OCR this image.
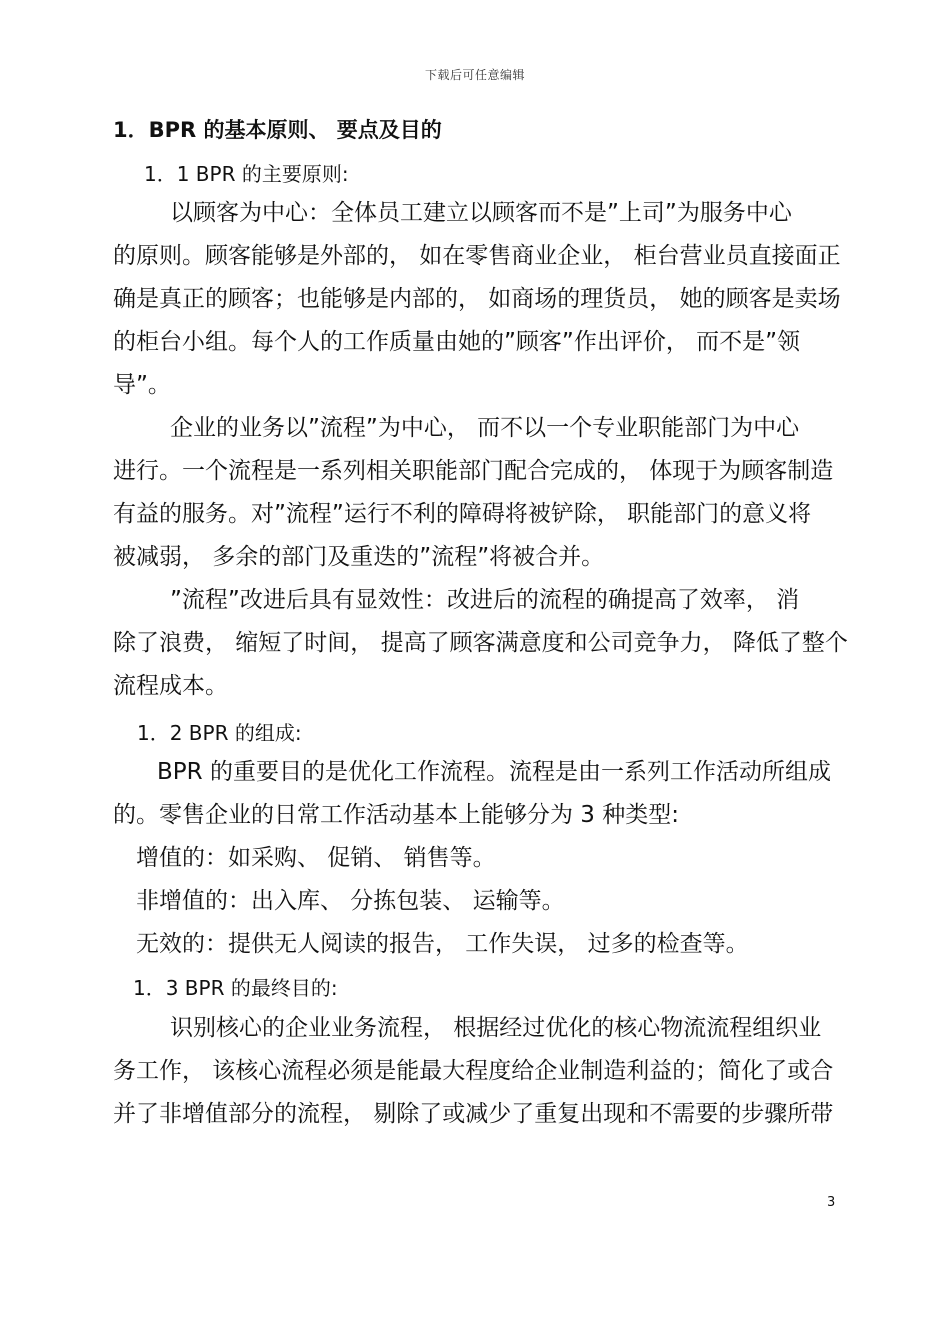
下载后可任意编辑
1．BPR 的基本原则、 要点及目的
1．1 BPR 的主要原则:
以顾客为中心：全体员工建立以顾客而不是”上司”为服务中心
的原则。顾客能够是外部的， 如在零售商业企业， 柜台营业员直接面正
确是真正的顾客；也能够是内部的， 如商场的理货员， 她的顾客是卖场
的柜台小组。每个人的工作质量由她的”顾客”作出评价， 而不是”领
导”。
企业的业务以”流程”为中心， 而不以一个专业职能部门为中心
进行。一个流程是一系列相关职能部门配合完成的， 体现于为顾客制造
有益的服务。对”流程”运行不利的障碍将被铲除， 职能部门的意义将
被减弱， 多余的部门及重迭的”流程”将被合并。
”流程”改进后具有显效性：改进后的流程的确提高了效率， 消
除了浪费， 缩短了时间， 提高了顾客满意度和公司竞争力， 降低了整个
流程成本。
1．2 BPR 的组成:
BPR 的重要目的是优化工作流程。流程是由一系列工作活动所组成
的。零售企业的日常工作活动基本上能够分为 3 种类型:
增值的：如采购、 促销、 销售等。
非增值的：出入库、 分拣包装、 运输等。
无效的：提供无人阅读的报告， 工作失误， 过多的检查等。
1．3 BPR 的最终目的:
识别核心的企业业务流程， 根据经过优化的核心物流流程组织业
务工作， 该核心流程必须是能最大程度给企业制造利益的；简化了或合
并了非增值部分的流程， 剔除了或减少了重复出现和不需要的步骤所带
3
